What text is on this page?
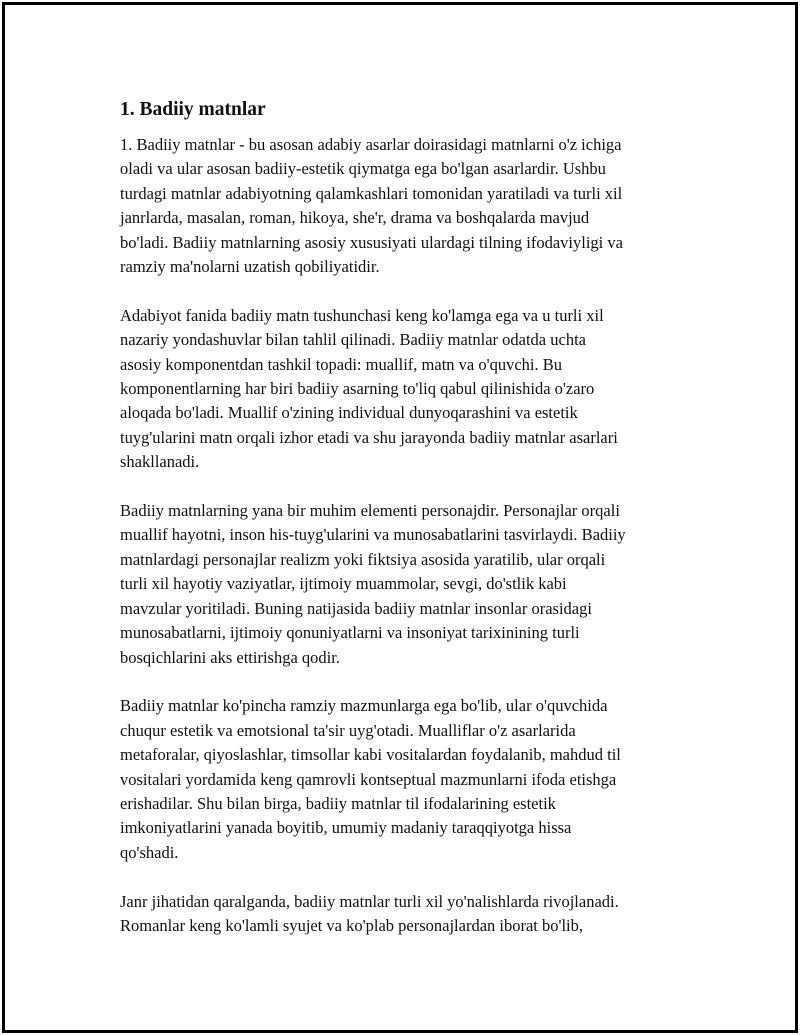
1. Badiiy matnlar

1. Badiiy matnlar - bu asosan adabiy asarlar doirasidagi matnlarni o'z ichiga
oladi va ular asosan badiiy-estetik qiymatga ega bo'lgan asarlardir. Ushbu
turdagi matnlar adabiyotning qalamkashlari tomonidan yaratiladi va turli xil
janrlarda, masalan, roman, hikoya, she'r, drama va boshqalarda mavjud
bo'ladi. Badiiy matnlarning asosiy xususiyati ulardagi tilning ifodaviyligi va
ramziy ma'nolarni uzatish qobiliyatidir.

Adabiyot fanida badiiy matn tushunchasi keng ko'lamga ega va u turli xil
nazariy yondashuvlar bilan tahlil qilinadi. Badiiy matnlar odatda uchta
asosiy komponentdan tashkil topadi: muallif, matn va o'quvchi. Bu
komponentlarning har biri badiiy asarning to'liq qabul qilinishida o'zaro
aloqada bo'ladi. Muallif o'zining individual dunyoqarashini va estetik
tuyg'ularini matn orqali izhor etadi va shu jarayonda badiiy matnlar asarlari
shakllanadi.

Badiiy matnlarning yana bir muhim elementi personajdir. Personajlar orqali
muallif hayotni, inson his-tuyg'ularini va munosabatlarini tasvirlaydi. Badiiy
matnlardagi personajlar realizm yoki fiktsiya asosida yaratilib, ular orqali
turli xil hayotiy vaziyatlar, ijtimoiy muammolar, sevgi, do'stlik kabi
mavzular yoritiladi. Buning natijasida badiiy matnlar insonlar orasidagi
munosabatlarni, ijtimoiy qonuniyatlarni va insoniyat tarixinining turli
bosqichlarini aks ettirishga qodir.

Badiiy matnlar ko'pincha ramziy mazmunlarga ega bo'lib, ular o'quvchida
chuqur estetik va emotsional ta'sir uyg'otadi. Mualliflar o'z asarlarida
metaforalar, qiyoslashlar, timsollar kabi vositalardan foydalanib, mahdud til
vositalari yordamida keng qamrovli kontseptual mazmunlarni ifoda etishga
erishadilar. Shu bilan birga, badiiy matnlar til ifodalarining estetik
imkoniyatlarini yanada boyitib, umumiy madaniy taraqqiyotga hissa
qo'shadi.

Janr jihatidan qaralganda, badiiy matnlar turli xil yo'nalishlarda rivojlanadi.
Romanlar keng ko'lamli syujet va ko'plab personajlardan iborat bo'lib,
